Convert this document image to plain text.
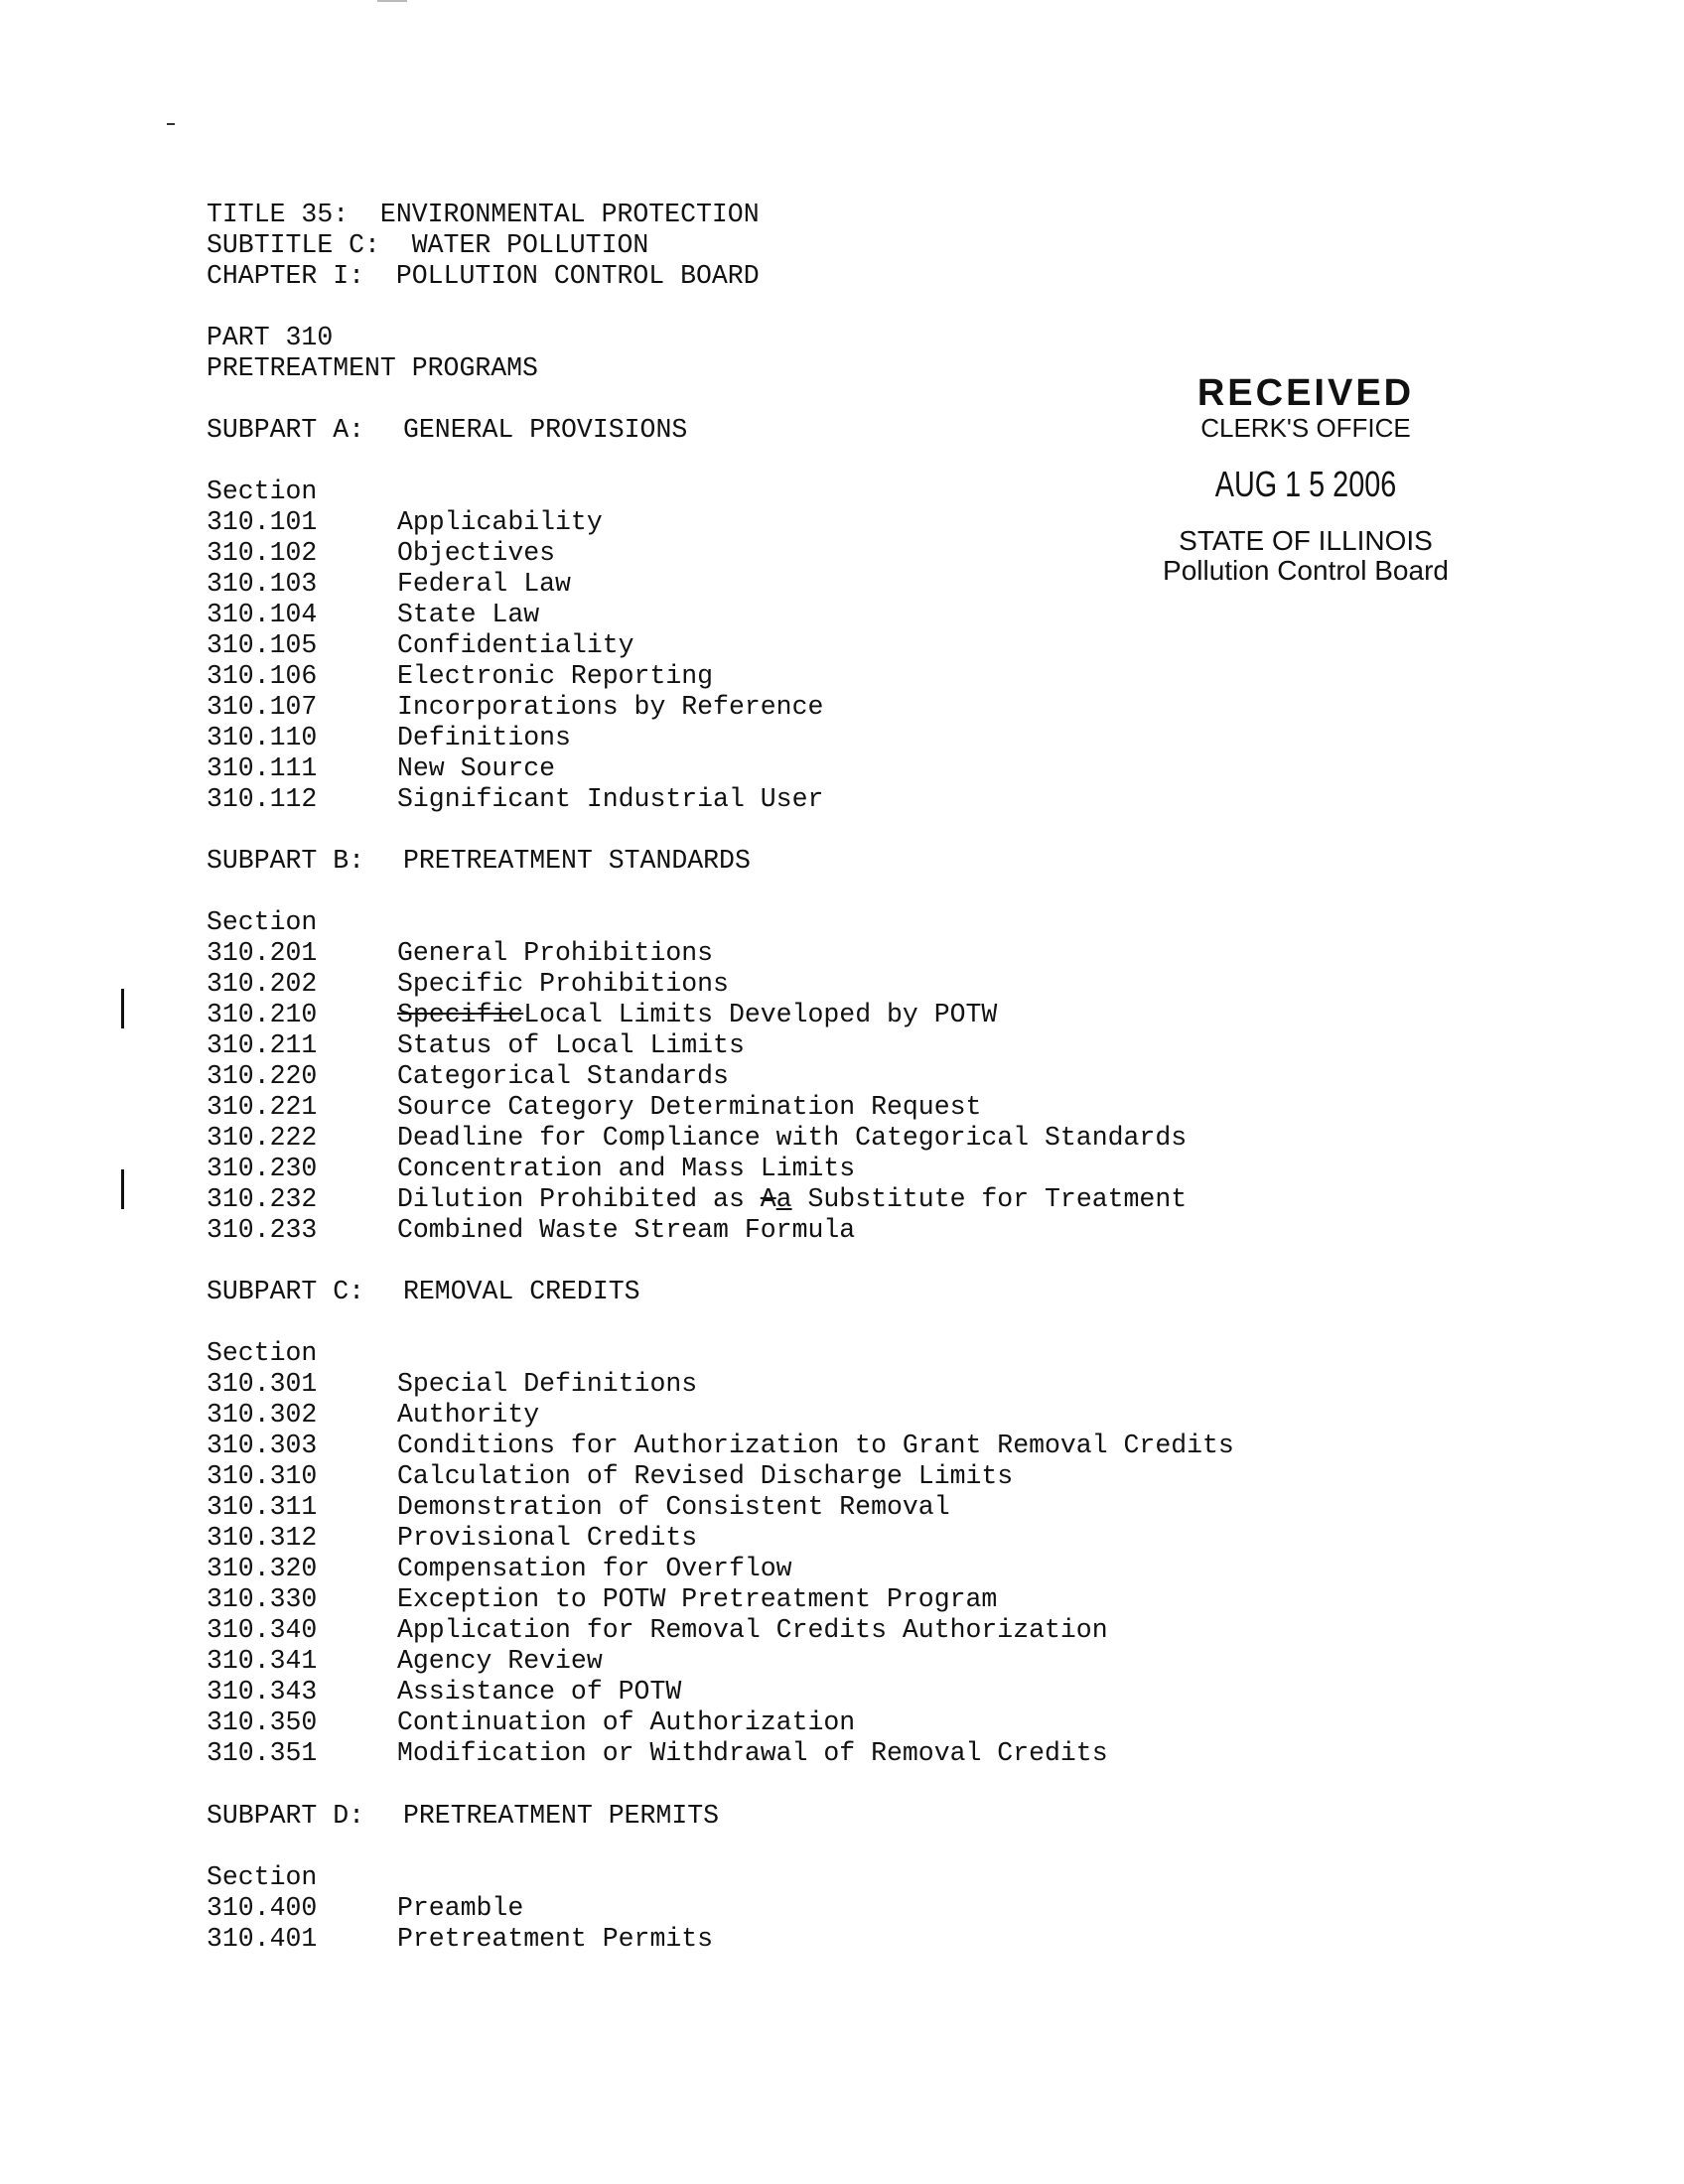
RECEIVED
CLERK'S OFFICE
AUG 1 5 2006
STATE OF ILLINOIS
Pollution Control Board
TITLE 35:  ENVIRONMENTAL PROTECTION
SUBTITLE C:  WATER POLLUTION
CHAPTER I:  POLLUTION CONTROL BOARD
PART 310
PRETREATMENT PROGRAMS
SUBPART A: GENERAL PROVISIONS
Section
310.101	Applicability
310.102	Objectives
310.103	Federal Law
310.104	State Law
310.105	Confidentiality
310.106	Electronic Reporting
310.107	Incorporations by Reference
310.110	Definitions
310.111	New Source
310.112	Significant Industrial User
SUBPART B: PRETREATMENT STANDARDS
Section
310.201	General Prohibitions
310.202	Specific Prohibitions
310.210	SpecificLocal Limits Developed by POTW
310.211	Status of Local Limits
310.220	Categorical Standards
310.221	Source Category Determination Request
310.222	Deadline for Compliance with Categorical Standards
310.230	Concentration and Mass Limits
310.232	Dilution Prohibited as Aa Substitute for Treatment
310.233	Combined Waste Stream Formula
SUBPART C: REMOVAL CREDITS
Section
310.301	Special Definitions
310.302	Authority
310.303	Conditions for Authorization to Grant Removal Credits
310.310	Calculation of Revised Discharge Limits
310.311	Demonstration of Consistent Removal
310.312	Provisional Credits
310.320	Compensation for Overflow
310.330	Exception to POTW Pretreatment Program
310.340	Application for Removal Credits Authorization
310.341	Agency Review
310.343	Assistance of POTW
310.350	Continuation of Authorization
310.351	Modification or Withdrawal of Removal Credits
SUBPART D: PRETREATMENT PERMITS
Section
310.400	Preamble
310.401	Pretreatment Permits
